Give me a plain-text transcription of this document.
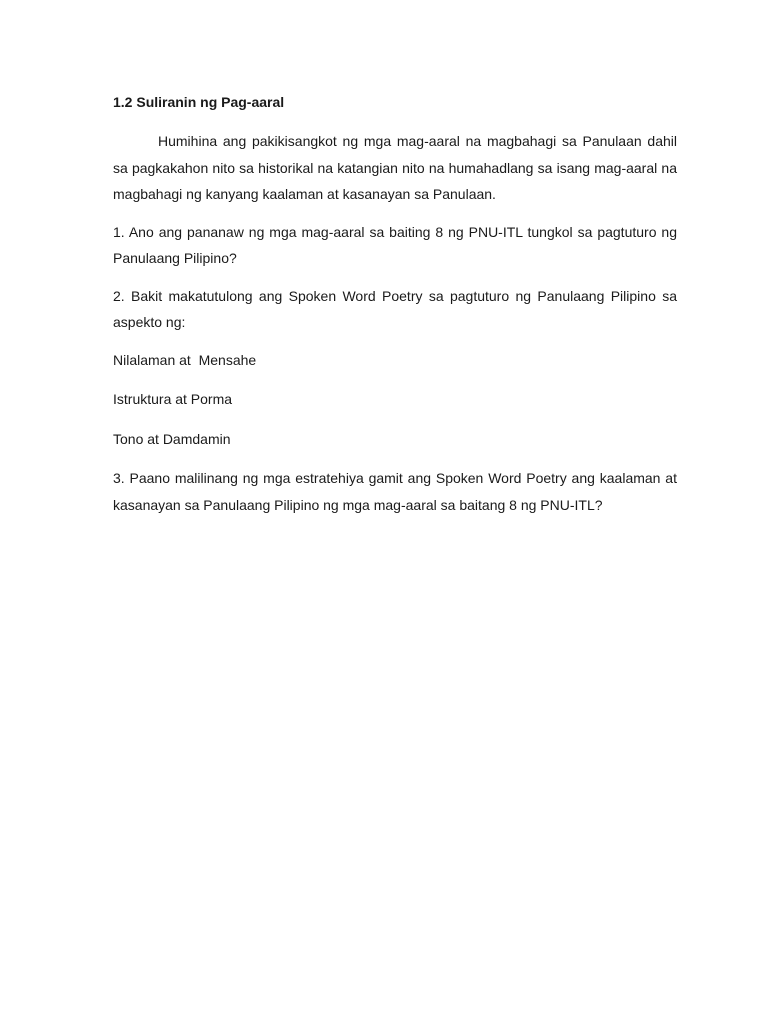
1.2 Suliranin ng Pag-aaral

Humihina ang pakikisangkot ng mga mag-aaral na magbahagi sa Panulaan dahil sa pagkakahon nito sa historikal na katangian nito na humahadlang sa isang mag-aaral na magbahagi ng kanyang kaalaman at kasanayan sa Panulaan.

1. Ano ang pananaw ng mga mag-aaral sa baiting 8 ng PNU-ITL tungkol sa pagtuturo ng Panulaang Pilipino?

2. Bakit makatutulong ang Spoken Word Poetry sa pagtuturo ng Panulaang Pilipino sa aspekto ng:

Nilalaman at  Mensahe
Istruktura at Porma
Tono at Damdamin

3. Paano malilinang ng mga estratehiya gamit ang Spoken Word Poetry ang kaalaman at kasanayan sa Panulaang Pilipino ng mga mag-aaral sa baitang 8 ng PNU-ITL?
